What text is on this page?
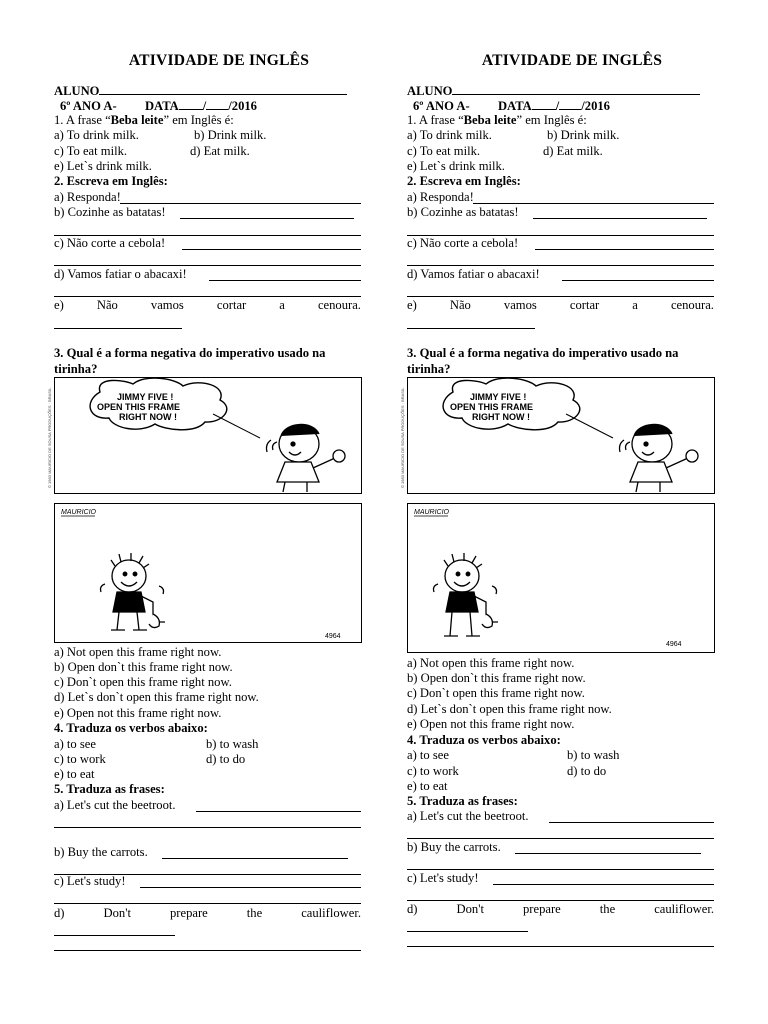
ATIVIDADE DE INGLÊS
ALUNO
6º ANO A- DATA / /2016
1. A frase “Beba leite” em Inglês é:
a) To drink milk.	b) Drink milk.
c) To eat milk.	d) Eat milk.
e) Let`s drink milk.
2. Escreva em Inglês:
a) Responda!
b) Cozinhe as batatas!
c) Não corte a cebola!
d) Vamos fatiar o abacaxi!
e)	Não	vamos	cortar	a	cenoura.
3. Qual é a forma negativa do imperativo usado na
tirinha?
© 1983 MAURICIO DE SOUSA PRODUÇÕES · BRASIL	JIMMY FIVE !
OPEN THIS FRAME
RIGHT NOW !
MAURICIO
4964
a) Not open this frame right now.
b) Open don`t this frame right now.
c) Don`t open this frame right now.
d) Let`s don`t open this frame right now.
e) Open not this frame right now.
4. Traduza os verbos abaixo:
a) to see	b) to wash
c) to work	d) to do
e) to eat
5. Traduza as frases:
a) Let's cut the beetroot.
b) Buy the carrots.
c) Let's study!
d)	Don't	prepare	the	cauliflower.
ATIVIDADE DE INGLÊS
ALUNO
6º ANO A- DATA / /2016
1. A frase “Beba leite” em Inglês é:
a) To drink milk.	b) Drink milk.
c) To eat milk.	d) Eat milk.
e) Let`s drink milk.
2. Escreva em Inglês:
a) Responda!
b) Cozinhe as batatas!
c) Não corte a cebola!
d) Vamos fatiar o abacaxi!
e)	Não	vamos	cortar	a	cenoura.
3. Qual é a forma negativa do imperativo usado na
tirinha?
© 1983 MAURICIO DE SOUSA PRODUÇÕES · BRASIL	JIMMY FIVE !
OPEN THIS FRAME
RIGHT NOW !
MAURICIO
4964
a) Not open this frame right now.
b) Open don`t this frame right now.
c) Don`t open this frame right now.
d) Let`s don`t open this frame right now.
e) Open not this frame right now.
4. Traduza os verbos abaixo:
a) to see	b) to wash
c) to work	d) to do
e) to eat
5. Traduza as frases:
a) Let's cut the beetroot.
b) Buy the carrots.
c) Let's study!
d)	Don't	prepare	the	cauliflower.
